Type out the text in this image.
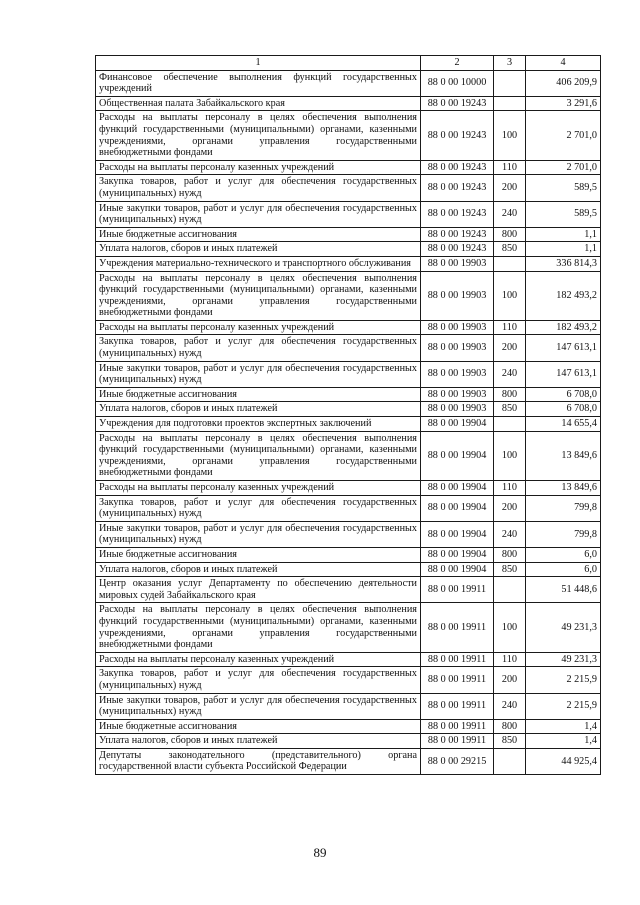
1	2	3	4
Финансовое обеспечение выполнения функций государственных учреждений	88 0 00 10000		406 209,9
Общественная палата Забайкальского края	88 0 00 19243		3 291,6
Расходы на выплаты персоналу в целях обеспечения выполнения функций государственными (муниципальными) органами, казенными учреждениями, органами управления государственными внебюджетными фондами	88 0 00 19243	100	2 701,0
Расходы на выплаты персоналу казенных учреждений	88 0 00 19243	110	2 701,0
Закупка товаров, работ и услуг для обеспечения государственных (муниципальных) нужд	88 0 00 19243	200	589,5
Иные закупки товаров, работ и услуг для обеспечения государственных (муниципальных) нужд	88 0 00 19243	240	589,5
Иные бюджетные ассигнования	88 0 00 19243	800	1,1
Уплата налогов, сборов и иных платежей	88 0 00 19243	850	1,1
Учреждения материально-технического и транспортного обслуживания	88 0 00 19903		336 814,3
Расходы на выплаты персоналу в целях обеспечения выполнения функций государственными (муниципальными) органами, казенными учреждениями, органами управления государственными внебюджетными фондами	88 0 00 19903	100	182 493,2
Расходы на выплаты персоналу казенных учреждений	88 0 00 19903	110	182 493,2
Закупка товаров, работ и услуг для обеспечения государственных (муниципальных) нужд	88 0 00 19903	200	147 613,1
Иные закупки товаров, работ и услуг для обеспечения государственных (муниципальных) нужд	88 0 00 19903	240	147 613,1
Иные бюджетные ассигнования	88 0 00 19903	800	6 708,0
Уплата налогов, сборов и иных платежей	88 0 00 19903	850	6 708,0
Учреждения для подготовки проектов экспертных заключений	88 0 00 19904		14 655,4
Расходы на выплаты персоналу в целях обеспечения выполнения функций государственными (муниципальными) органами, казенными учреждениями, органами управления государственными внебюджетными фондами	88 0 00 19904	100	13 849,6
Расходы на выплаты персоналу казенных учреждений	88 0 00 19904	110	13 849,6
Закупка товаров, работ и услуг для обеспечения государственных (муниципальных) нужд	88 0 00 19904	200	799,8
Иные закупки товаров, работ и услуг для обеспечения государственных (муниципальных) нужд	88 0 00 19904	240	799,8
Иные бюджетные ассигнования	88 0 00 19904	800	6,0
Уплата налогов, сборов и иных платежей	88 0 00 19904	850	6,0
Центр оказания услуг Департаменту по обеспечению деятельности мировых судей Забайкальского края	88 0 00 19911		51 448,6
Расходы на выплаты персоналу в целях обеспечения выполнения функций государственными (муниципальными) органами, казенными учреждениями, органами управления государственными внебюджетными фондами	88 0 00 19911	100	49 231,3
Расходы на выплаты персоналу казенных учреждений	88 0 00 19911	110	49 231,3
Закупка товаров, работ и услуг для обеспечения государственных (муниципальных) нужд	88 0 00 19911	200	2 215,9
Иные закупки товаров, работ и услуг для обеспечения государственных (муниципальных) нужд	88 0 00 19911	240	2 215,9
Иные бюджетные ассигнования	88 0 00 19911	800	1,4
Уплата налогов, сборов и иных платежей	88 0 00 19911	850	1,4
Депутаты законодательного (представительного) органа государственной власти субъекта Российской Федерации	88 0 00 29215		44 925,4
89
